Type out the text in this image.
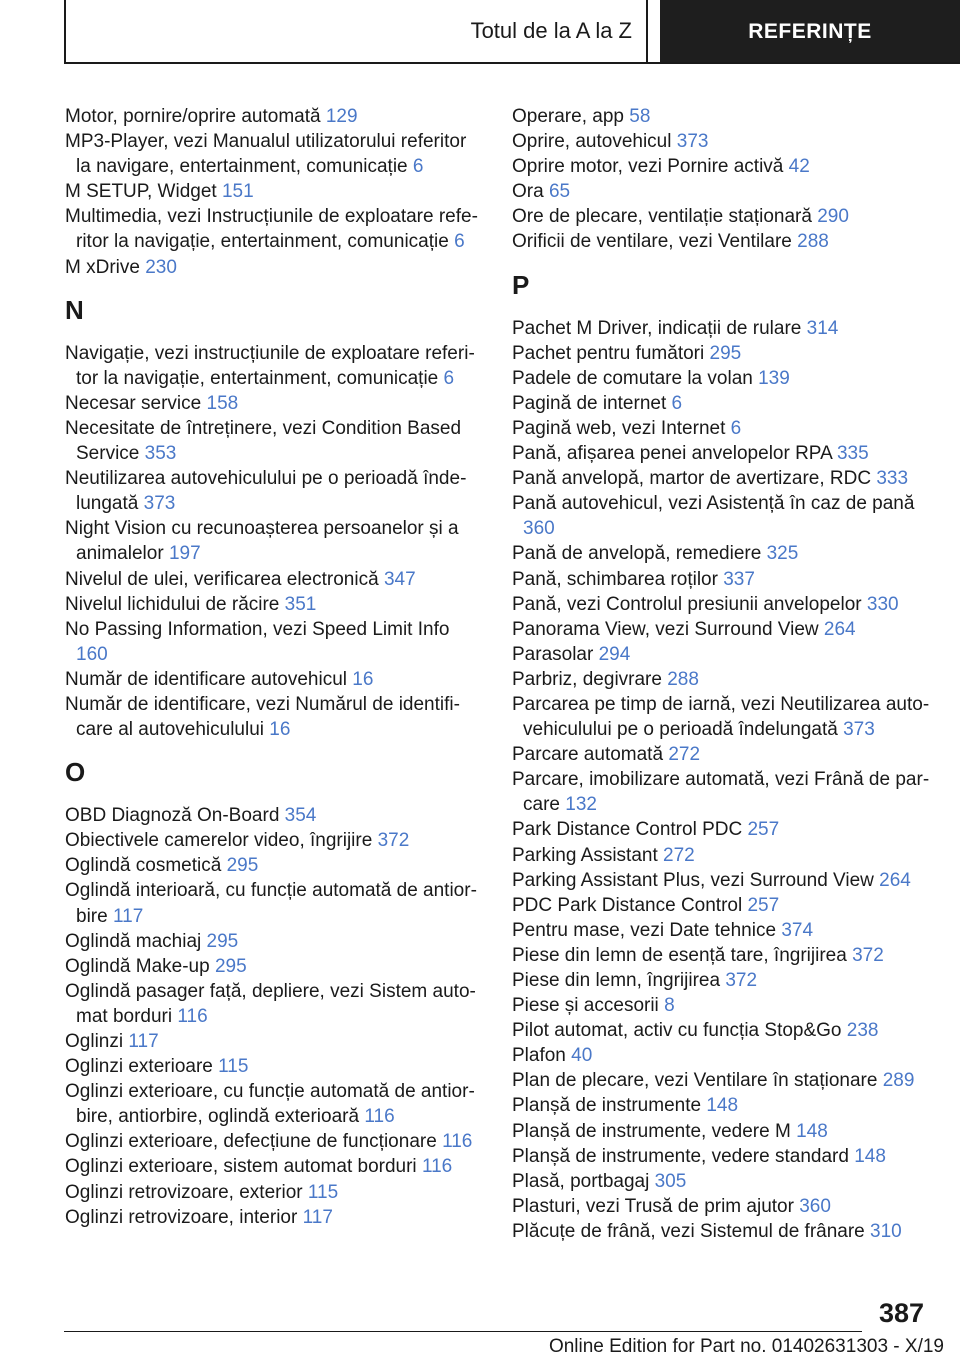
Totul de la A la Z	REFERINȚE
Motor, pornire/oprire automată 129
MP3-Player, vezi Manualul utilizatorului referitor la navigare, entertainment, comunicație 6
M SETUP, Widget 151
Multimedia, vezi Instrucțiunile de exploatare referitor la navigație, entertainment, comunicație 6
M xDrive 230
N
Navigație, vezi instrucțiunile de exploatare referitor la navigație, entertainment, comunicație 6
Necesar service 158
Necesitate de întreținere, vezi Condition Based Service 353
Neutilizarea autovehiculului pe o perioadă îndelungată 373
Night Vision cu recunoașterea persoanelor și a animalelor 197
Nivelul de ulei, verificarea electronică 347
Nivelul lichidului de răcire 351
No Passing Information, vezi Speed Limit Info 160
Număr de identificare autovehicul 16
Număr de identificare, vezi Numărul de identificare al autovehiculului 16
O
OBD Diagnoză On-Board 354
Obiectivele camerelor video, îngrijire 372
Oglindă cosmetică 295
Oglindă interioară, cu funcție automată de antiorbire 117
Oglindă machiaj 295
Oglindă Make-up 295
Oglindă pasager față, depliere, vezi Sistem automat borduri 116
Oglinzi 117
Oglinzi exterioare 115
Oglinzi exterioare, cu funcție automată de antiorbire, antiorbire, oglindă exterioară 116
Oglinzi exterioare, defecțiune de funcționare 116
Oglinzi exterioare, sistem automat borduri 116
Oglinzi retrovizoare, exterior 115
Oglinzi retrovizoare, interior 117
Operare, app 58
Oprire, autovehicul 373
Oprire motor, vezi Pornire activă 42
Ora 65
Ore de plecare, ventilație staționară 290
Orificii de ventilare, vezi Ventilare 288
P
Pachet M Driver, indicații de rulare 314
Pachet pentru fumători 295
Padele de comutare la volan 139
Pagină de internet 6
Pagină web, vezi Internet 6
Pană, afișarea penei anvelopelor RPA 335
Pană anvelopă, martor de avertizare, RDC 333
Pană autovehicul, vezi Asistență în caz de pană 360
Pană de anvelopă, remediere 325
Pană, schimbarea roților 337
Pană, vezi Controlul presiunii anvelopelor 330
Panorama View, vezi Surround View 264
Parasolar 294
Parbriz, degivrare 288
Parcarea pe timp de iarnă, vezi Neutilizarea autovehiculului pe o perioadă îndelungată 373
Parcare automată 272
Parcare, imobilizare automată, vezi Frână de parcare 132
Park Distance Control PDC 257
Parking Assistant 272
Parking Assistant Plus, vezi Surround View 264
PDC Park Distance Control 257
Pentru mase, vezi Date tehnice 374
Piese din lemn de esență tare, îngrijirea 372
Piese din lemn, îngrijirea 372
Piese și accesorii 8
Pilot automat, activ cu funcția Stop&Go 238
Plafon 40
Plan de plecare, vezi Ventilare în staționare 289
Planșă de instrumente 148
Planșă de instrumente, vedere M 148
Planșă de instrumente, vedere standard 148
Plasă, portbagaj 305
Plasturi, vezi Trusă de prim ajutor 360
Plăcuțe de frână, vezi Sistemul de frânare 310
387
Online Edition for Part no. 01402631303 - X/19
